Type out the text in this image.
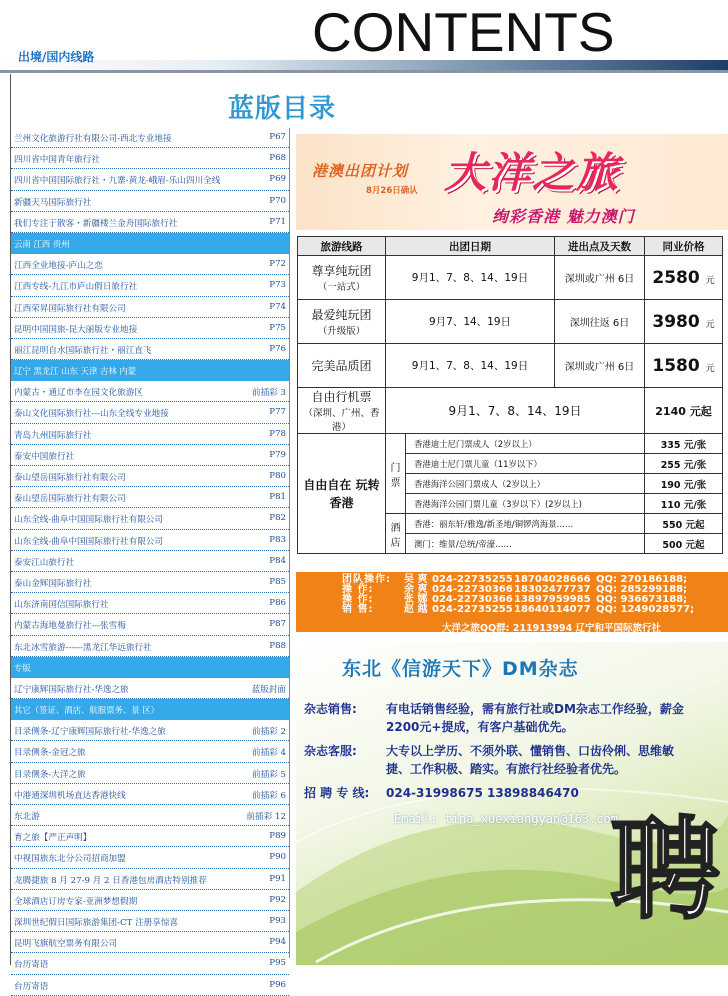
CONTENTS
出境/国内线路
蓝版目录
兰州文化旅游行社有限公司-西北专业地接	P67
四川省中国青年旅行社	P68
四川省中国国际旅行社・九寨-黄龙-峨眉-乐山四川全线	P69
新疆天马国际旅行社	P70
我们专注于散客・新疆楼兰金舟国际旅行社	P71
云南 江西 贵州
江西全业地接-庐山之恋	P72
江西专线-九江市庐山假日旅行社	P73
江西荣昇国际旅行社有限公司	P74
昆明中国国旅-昆大丽版专业地接	P75
丽江昆明自水国际旅行社・丽江直飞	P76
辽宁 黑龙江 山东 天津 吉林 内蒙
内蒙古・通辽市李在园文化旅游区	前插彩 3
泰山文化国际旅行社---山东全线专业地接	P77
青岛九州国际旅行社	P78
泰安中国旅行社	P79
泰山望岳国际旅行社有限公司	P80
泰山望岳国际旅行社有限公司	P81
山东全线-曲阜中国国际旅行社有限公司	P82
山东全线-曲阜中国国际旅行社有限公司	P83
泰安江山旅行社	P84
泰山金辉国际旅行社	P85
山东济南国信国际旅行社	P86
内蒙古海地曼旅行社---张雪梅	P87
东北冰雪旅游------黑龙江华远旅行社	P88
专版
辽宁康辉国际旅行社-华逸之旅	蓝版封面
其它（签证、酒店、航服票务、景 区）
目录侧条-辽宁康辉国际旅行社-华逸之旅	前插彩 2
目录侧条-金冠之旅	前插彩 4
目录侧条-大洋之旅	前插彩 5
中港通深圳机场直达香港快线	前插彩 6
东北游	前插彩 12
育之旅【严正声明】	P89
中视国旅东北分公司招商加盟	P90
龙腾捷旅 8 月 27-9 月 2 日香港包房酒店特别推荐	P91
全球酒店订房专家-亚洲梦想假期	P92
深圳世纪假日国际旅游集团-CT 注册享惊喜	P93
昆明飞旗航空票务有限公司	P94
台历寄语	P95
台历寄语	P96
港澳出团计划
8月26日确认 大洋之旅
绚彩香港 魅力澳门
旅游线路	出团日期		进出点及天数	同业价格

尊享纯玩团
（一站式）	9月1、7、8、14、19日		深圳或广州 6日	2580 元

最爱纯玩团
（升级版）	9月7、14、19日		深圳往返 6日	3980 元

完美品质团	9月1、7、8、14、19日		深圳或广州 6日	1580 元

自由行机票
（深圳、广州、香港）	9月1、7、8、14、19日			2140 元起
自由自在 玩转香港	门票	香港迪士尼门票成人（2岁以上）		335 元/张
		香港迪士尼门票儿童（11岁以下）		255 元/张
		香港海洋公园门票成人（2岁以上）		190 元/张
		香港海洋公园门票儿童（3岁以下）(2岁以上)		110 元/张
	酒店	香港：丽东轩/雅逸/新圣地/铜锣湾海景……		550 元起
		澳门：维景/总统/帝濠……		500 元起
团队操作:	吴 爽 024-22735255 18704028666 QQ: 270186188;
操 作:	余 爽 024-22730366 18302477737 QQ: 285299188;
操 作:	张 娜 024-22730366 13897959985 QQ: 936673188;
销 售:	赵 越 024-22735255 18640114077 QQ: 1249028577;
大洋之旅QQ群: 211913994 辽宁和平国际旅行社
东北《信游天下》DM杂志
杂志销售: 有电话销售经验，需有旅行社或DM杂志工作经验，薪金2200元+提成，有客户基础优先。
杂志客服: 大专以上学历、不须外联、懂销售、口齿伶俐、思维敏捷、工作积极、踏实。有旅行社经验者优先。
招 聘 专 线: 024-31998675 13898846470
Email: tina_xuexiangyan@163.com
聘
